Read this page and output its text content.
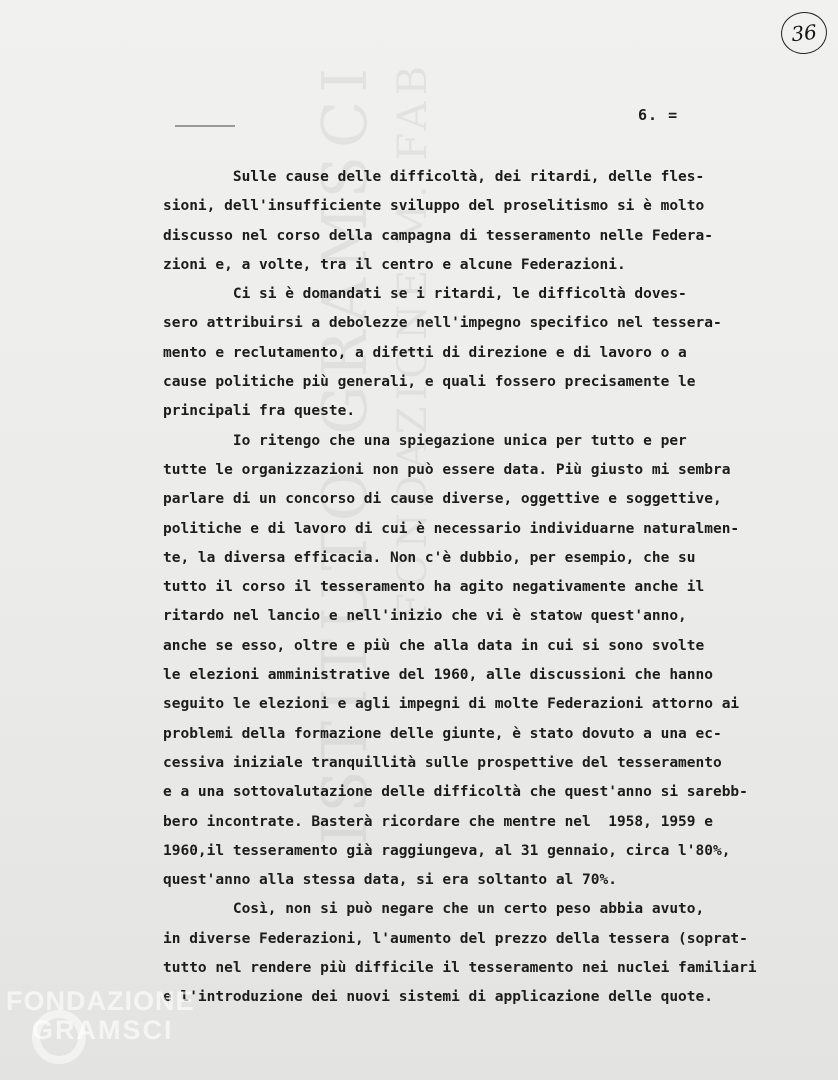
ISTITUTO GRAMSCI FONDAZIONE M. FAB
36
6. =
Sulle cause delle difficoltà, dei ritardi, delle fles-
sioni, dell'insufficiente sviluppo del proselitismo si è molto
discusso nel corso della campagna di tesseramento nelle Federa-
zioni e, a volte, tra il centro e alcune Federazioni.
Ci si è domandati se i ritardi, le difficoltà doves-
sero attribuirsi a debolezze nell'impegno specifico nel tessera-
mento e reclutamento, a difetti di direzione e di lavoro o a
cause politiche più generali, e quali fossero precisamente le
principali fra queste.
Io ritengo che una spiegazione unica per tutto e per
tutte le organizzazioni non può essere data. Più giusto mi sembra
parlare di un concorso di cause diverse, oggettive e soggettive,
politiche e di lavoro di cui è necessario individuarne naturalmen-
te, la diversa efficacia. Non c'è dubbio, per esempio, che su
tutto il corso il tesseramento ha agito negativamente anche il
ritardo nel lancio e nell'inizio che vi è statow quest'anno,
anche se esso, oltre e più che alla data in cui si sono svolte
le elezioni amministrative del 1960, alle discussioni che hanno
seguito le elezioni e agli impegni di molte Federazioni attorno ai
problemi della formazione delle giunte, è stato dovuto a una ec-
cessiva iniziale tranquillità sulle prospettive del tesseramento
e a una sottovalutazione delle difficoltà che quest'anno si sarebb-
bero incontrate. Basterà ricordare che mentre nel  1958, 1959 e
1960,il tesseramento già raggiungeva, al 31 gennaio, circa l'80%,
quest'anno alla stessa data, si era soltanto al 70%.
Così, non si può negare che un certo peso abbia avuto,
in diverse Federazioni, l'aumento del prezzo della tessera (soprat-
tutto nel rendere più difficile il tesseramento nei nuclei familiari
e l'introduzione dei nuovi sistemi di applicazione delle quote.
FONDAZIONE
GRAMSCI
